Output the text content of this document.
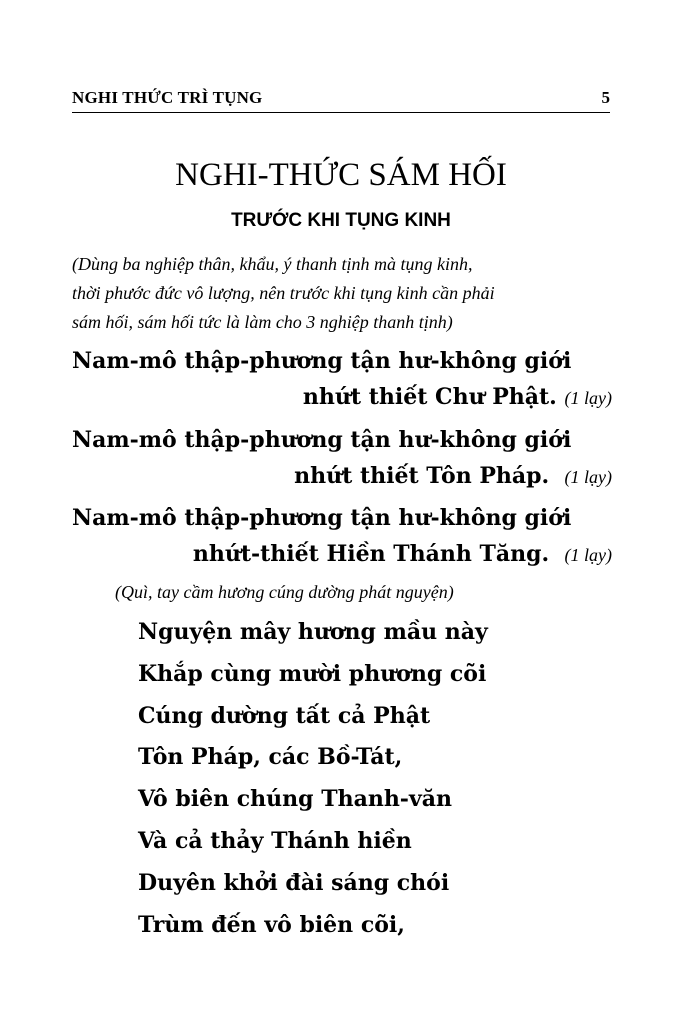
NGHI THỨC TRÌ TỤNG	5
NGHI-THỨC SÁM HỐI
TRƯỚC KHI TỤNG KINH
(Dùng ba nghiệp thân, khẩu, ý thanh tịnh mà tụng kinh,
thời phước đức vô lượng, nên trước khi tụng kinh cần phải
sám hối, sám hối tức là làm cho 3 nghiệp thanh tịnh)
Nam-mô thập-phương tận hư-không giới
nhứt thiết Chư Phật. (1 lạy)
Nam-mô thập-phương tận hư-không giới
nhứt thiết Tôn Pháp. (1 lạy)
Nam-mô thập-phương tận hư-không giới
nhứt-thiết Hiền Thánh Tăng. (1 lạy)
(Quì, tay cầm hương cúng dường phát nguyện)
Nguyện mây hương mầu này
Khắp cùng mười phương cõi
Cúng dường tất cả Phật
Tôn Pháp, các Bồ-Tát,
Vô biên chúng Thanh-văn
Và cả thảy Thánh hiền
Duyên khởi đài sáng chói
Trùm đến vô biên cõi,
